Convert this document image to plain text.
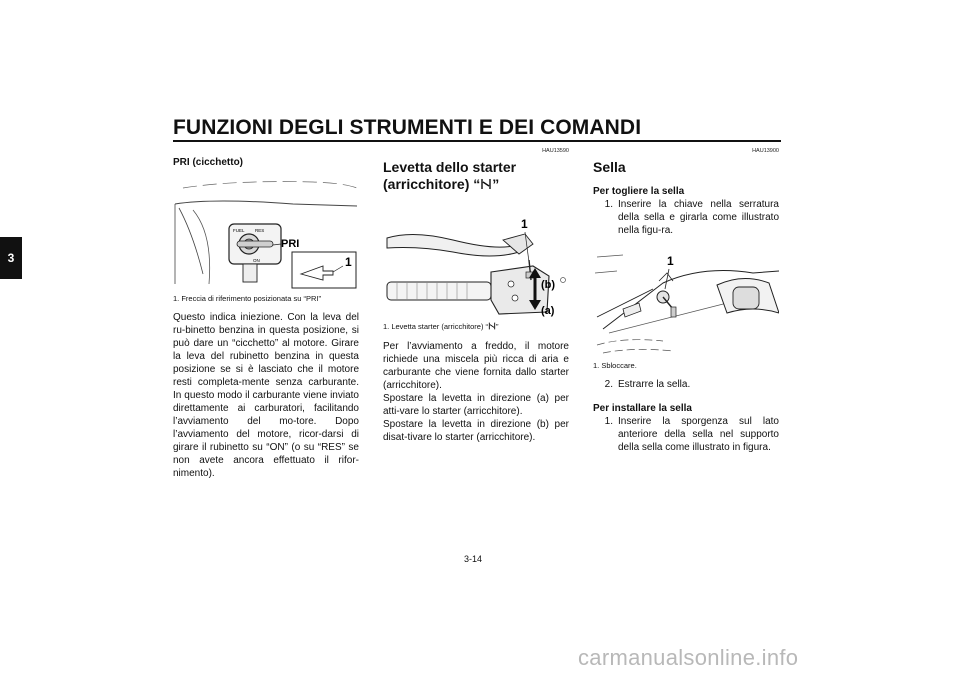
FUNZIONI DEGLI STRUMENTI E DEI COMANDI
3
PRI (cicchetto)
FUEL RES
ON
PRI
1
1. Freccia di riferimento posizionata su “PRI”

Questo indica iniezione. Con la leva del ru-binetto benzina in questa posizione, si può dare un “cicchetto” al motore. Girare la leva del rubinetto benzina in questa posizione se si è lasciato che il motore resti completa-mente senza carburante. In questo modo il carburante viene inviato direttamente ai carburatori, facilitando l’avviamento del mo-tore. Dopo l’avviamento del motore, ricor-darsi di girare il rubinetto su “ON” (o su “RES” se non avete ancora effettuato il rifor-nimento).

HAU13590
Levetta dello starter
(arricchitore) “ ”
1
(b)
(a)
1. Levetta starter (arricchitore) “ ”

Per l’avviamento a freddo, il motore richiede una miscela più ricca di aria e carburante che viene fornita dallo starter (arricchitore).

Spostare la levetta in direzione (a) per atti-vare lo starter (arricchitore).

Spostare la levetta in direzione (b) per disat-tivare lo starter (arricchitore).

HAU13900
Sella
Per togliere la sella
1. Inserire la chiave nella serratura della sella e girarla come illustrato nella figu-ra.
1
1. Sbloccare.
2. Estrarre la sella.
Per installare la sella
1. Inserire la sporgenza sul lato anteriore della sella nel supporto della sella come illustrato in figura.
3-14
carmanualsonline.info
